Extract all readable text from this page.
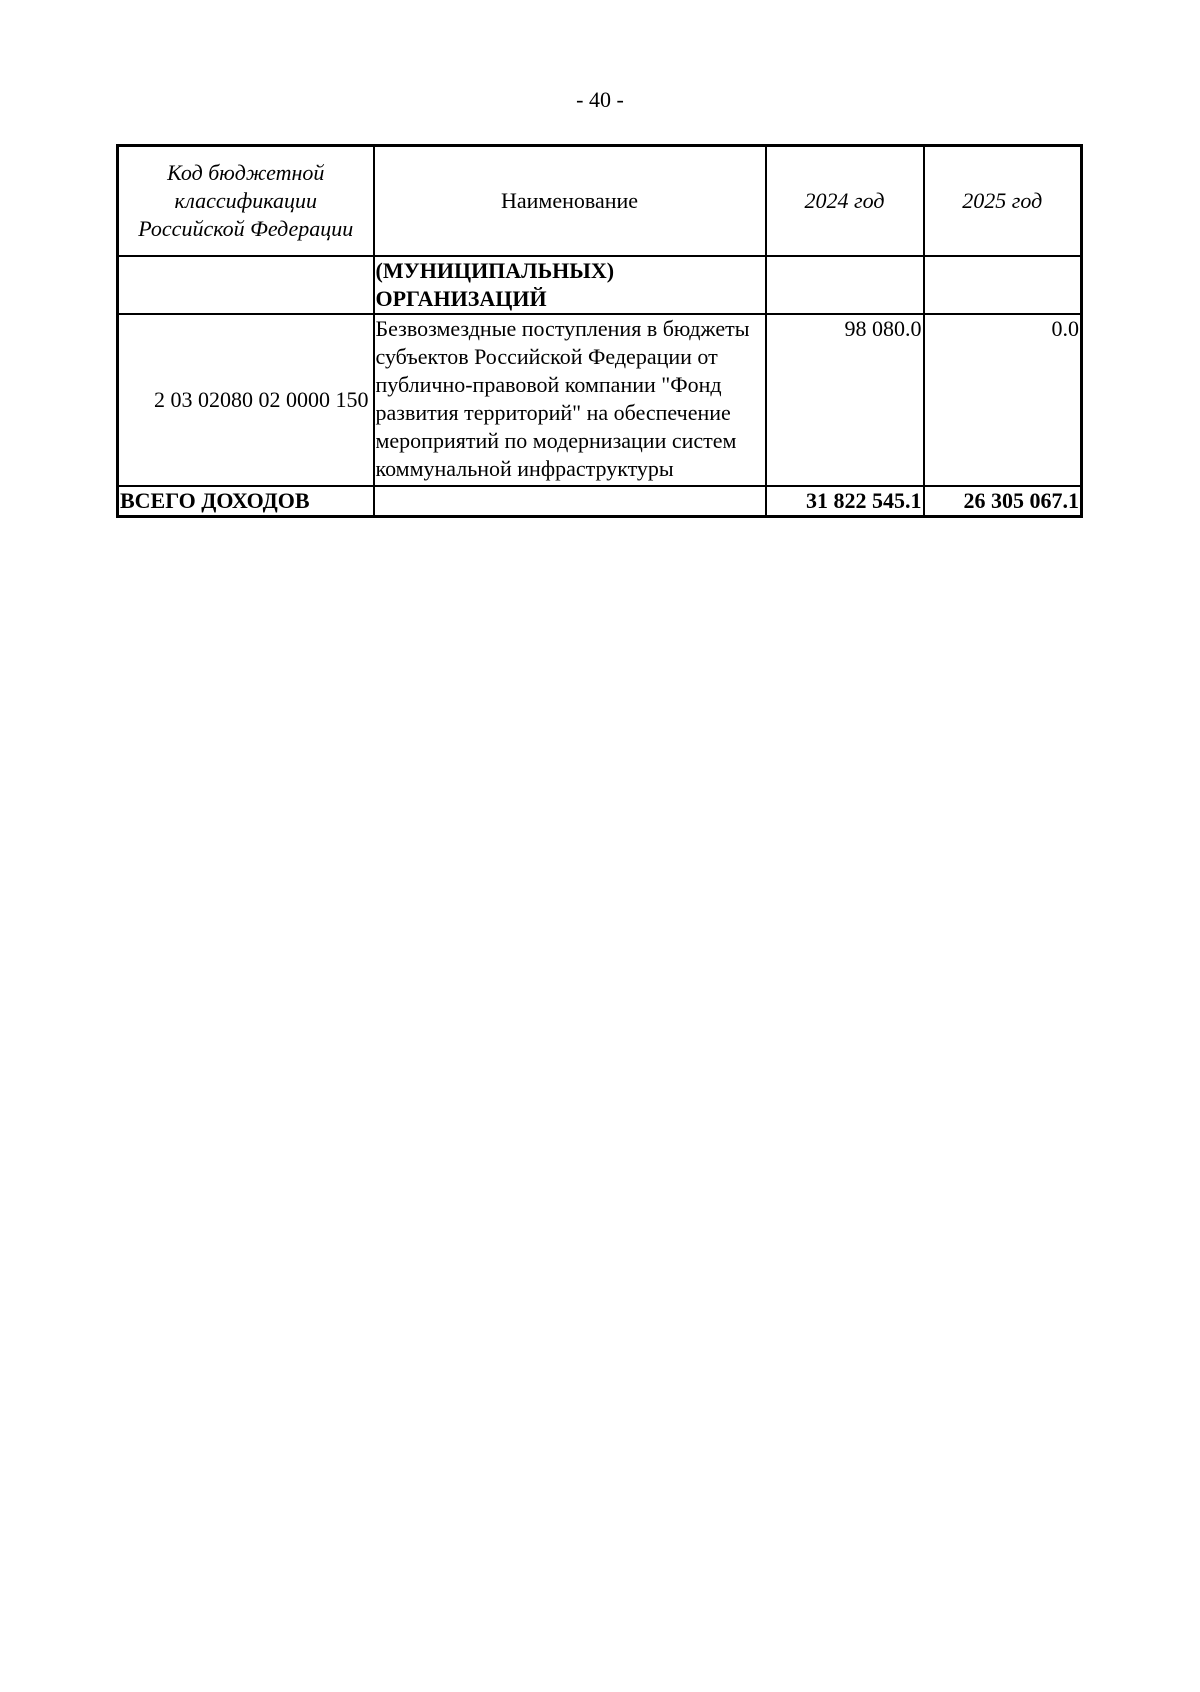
- 40 -
Код бюджетной классификации Российской Федерации	Наименование	2024 год	2025 год
	(МУНИЦИПАЛЬНЫХ) ОРГАНИЗАЦИЙ		
2 03 02080 02 0000 150	Безвозмездные поступления в бюджеты субъектов Российской Федерации от публично-правовой компании "Фонд развития территорий" на обеспечение мероприятий по модернизации систем коммунальной инфраструктуры	98 080.0	0.0
ВСЕГО ДОХОДОВ		31 822 545.1	26 305 067.1
